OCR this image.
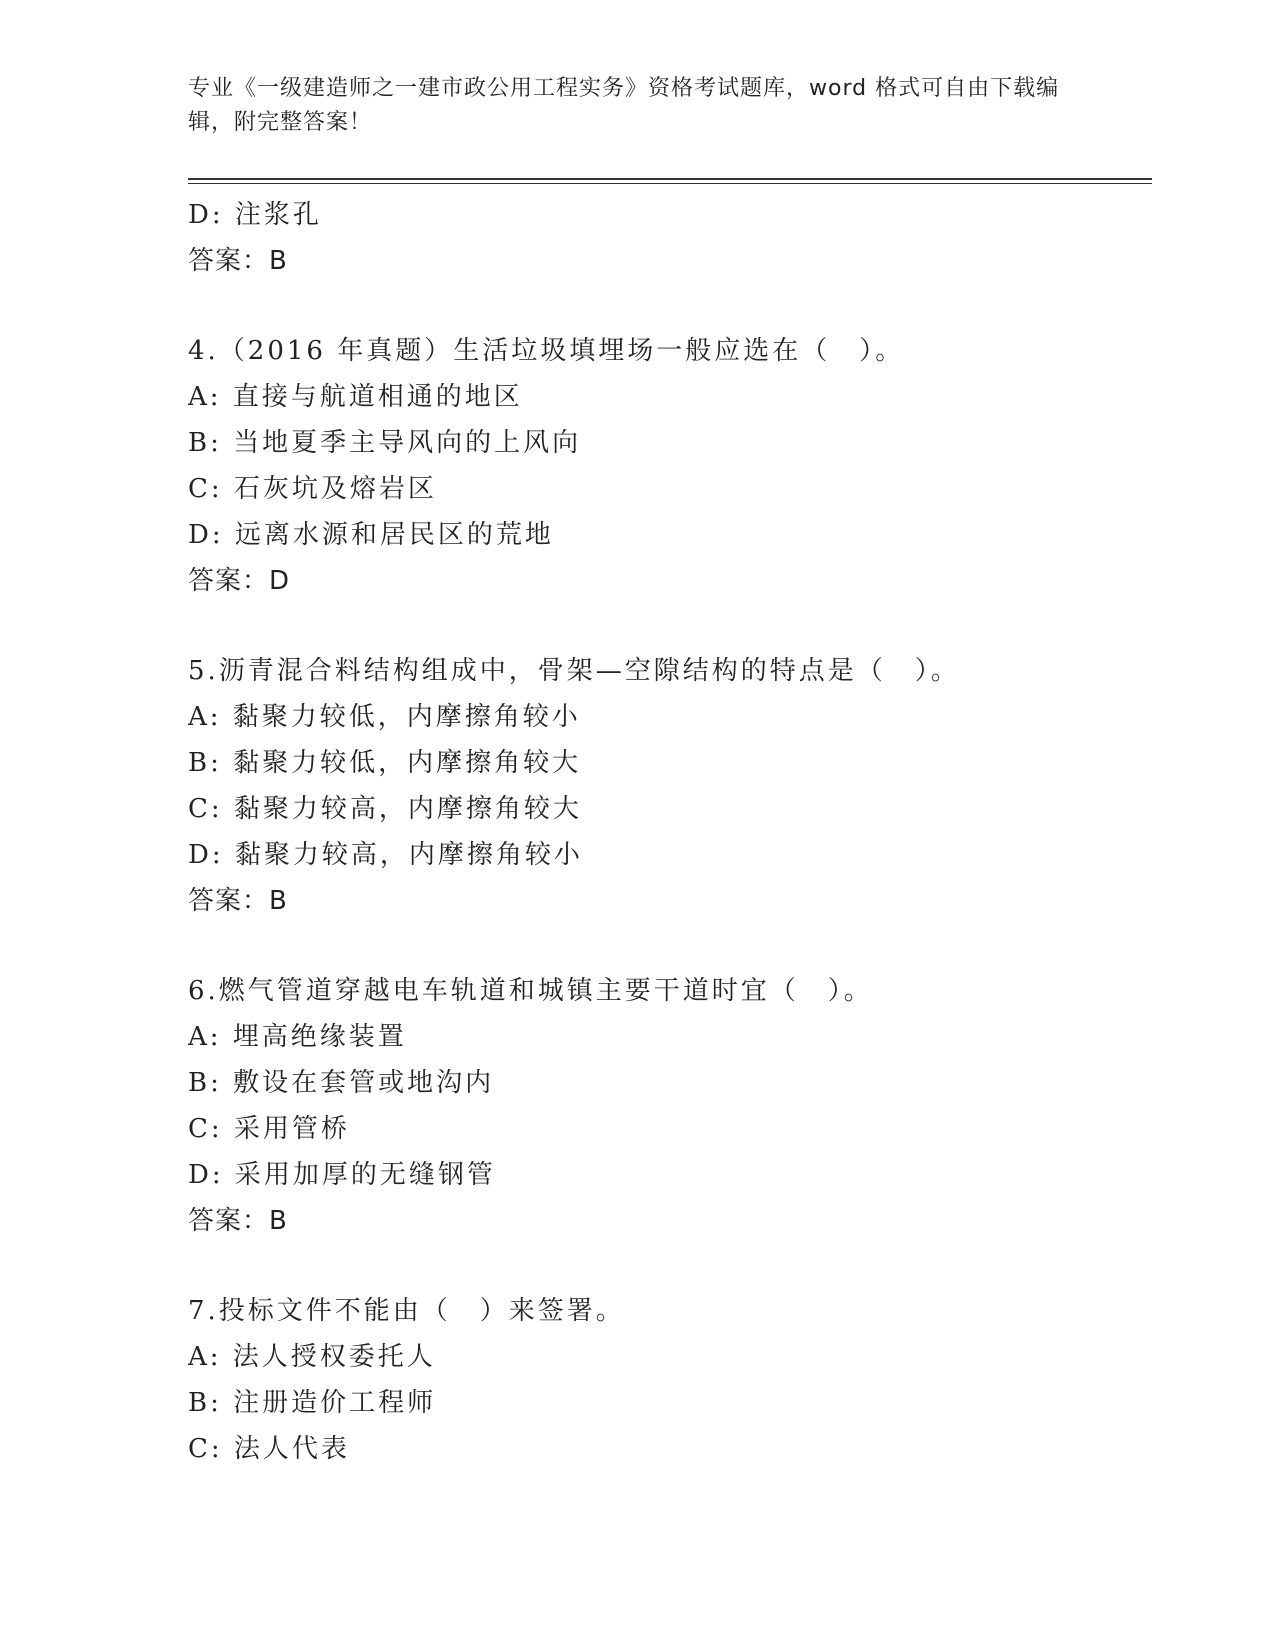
专业《一级建造师之一建市政公用工程实务》资格考试题库，word 格式可自由下载编辑，附完整答案！
D: 注浆孔
答案：B
4.（2016 年真题）生活垃圾填埋场一般应选在（　）。
A: 直接与航道相通的地区
B: 当地夏季主导风向的上风向
C: 石灰坑及熔岩区
D: 远离水源和居民区的荒地
答案：D
5.沥青混合料结构组成中，骨架—空隙结构的特点是（　）。
A: 黏聚力较低，内摩擦角较小
B: 黏聚力较低，内摩擦角较大
C: 黏聚力较高，内摩擦角较大
D: 黏聚力较高，内摩擦角较小
答案：B
6.燃气管道穿越电车轨道和城镇主要干道时宜（　）。
A: 埋高绝缘装置
B: 敷设在套管或地沟内
C: 采用管桥
D: 采用加厚的无缝钢管
答案：B
7.投标文件不能由（　）来签署。
A: 法人授权委托人
B: 注册造价工程师
C: 法人代表
